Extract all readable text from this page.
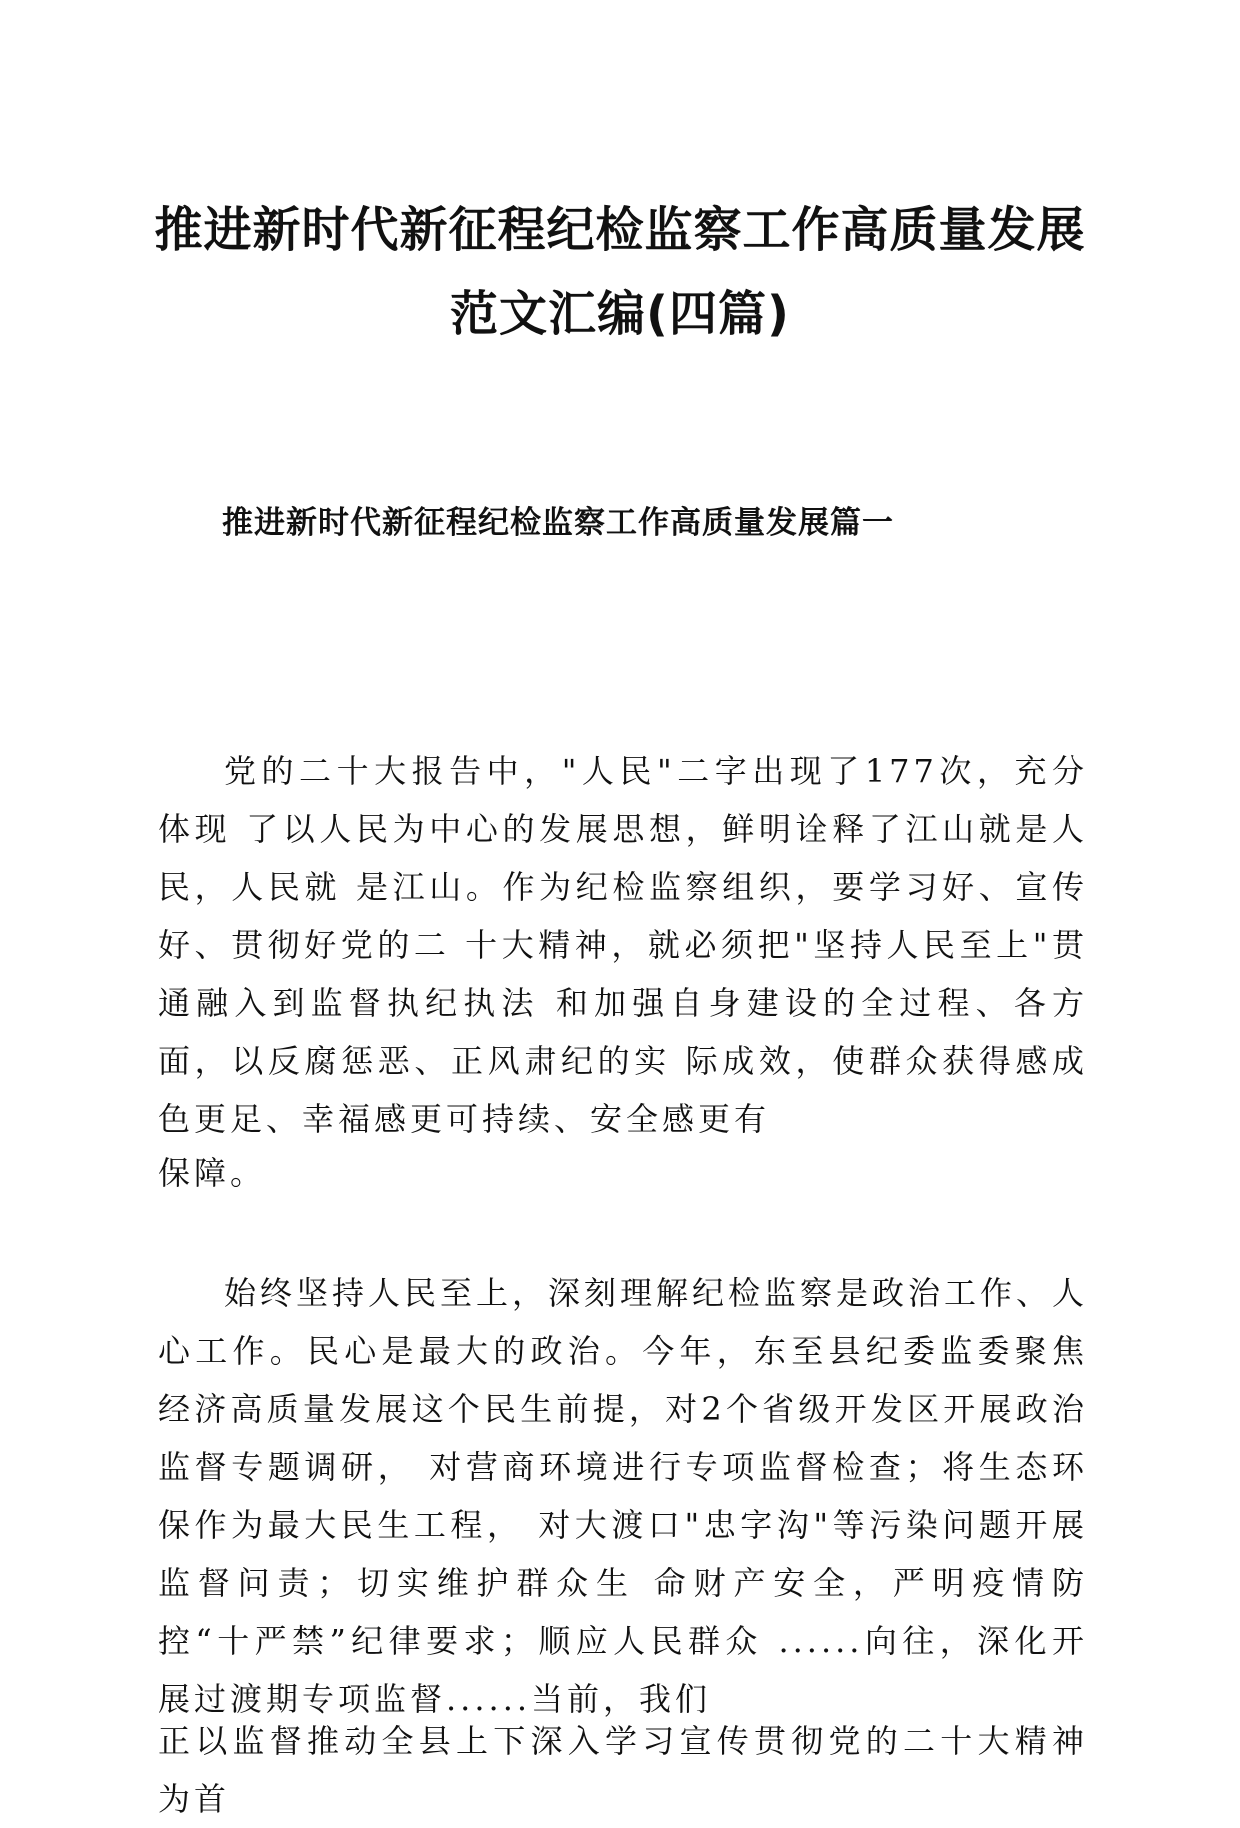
推进新时代新征程纪检监察工作高质量发展
范文汇编(四篇)
推进新时代新征程纪检监察工作高质量发展篇一

党的二十大报告中，"人民"二字出现了177次，充分体现 了以人民为中心的发展思想，鲜明诠释了江山就是人民，人民就 是江山。作为纪检监察组织，要学习好、宣传好、贯彻好党的二 十大精神，就必须把"坚持人民至上"贯通融入到监督执纪执法 和加强自身建设的全过程、各方面，以反腐惩恶、正风肃纪的实 际成效，使群众获得感成色更足、幸福感更可持续、安全感更有

保障。

始终坚持人民至上，深刻理解纪检监察是政治工作、人心工作。民心是最大的政治。今年，东至县纪委监委聚焦经济高质量发展这个民生前提，对2个省级开发区开展政治监督专题调研， 对营商环境进行专项监督检查；将生态环保作为最大民生工程， 对大渡口"忠字沟"等污染问题开展监督问责；切实维护群众生 命财产安全，严明疫情防控“十严禁”纪律要求；顺应人民群众 ......向往，深化开展过渡期专项监督......当前，我们

正以监督推动全县上下深入学习宣传贯彻党的二十大精神为首
